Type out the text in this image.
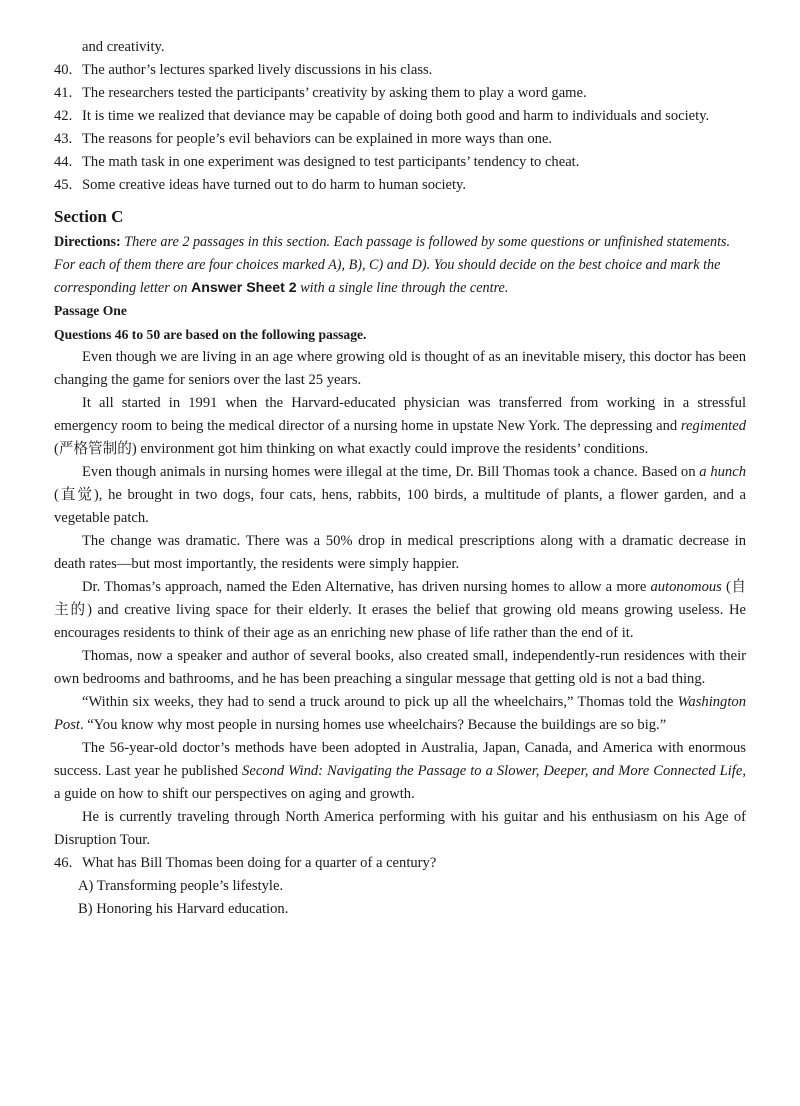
and creativity.
40. The author’s lectures sparked lively discussions in his class.
41. The researchers tested the participants’ creativity by asking them to play a word game.
42. It is time we realized that deviance may be capable of doing both good and harm to individuals and society.
43. The reasons for people’s evil behaviors can be explained in more ways than one.
44. The math task in one experiment was designed to test participants’ tendency to cheat.
45. Some creative ideas have turned out to do harm to human society.
Section C
Directions: There are 2 passages in this section. Each passage is followed by some questions or unfinished statements. For each of them there are four choices marked A), B), C) and D). You should decide on the best choice and mark the corresponding letter on Answer Sheet 2 with a single line through the centre.
Passage One
Questions 46 to 50 are based on the following passage.

Even though we are living in an age where growing old is thought of as an inevitable misery, this doctor has been changing the game for seniors over the last 25 years.

It all started in 1991 when the Harvard-educated physician was transferred from working in a stressful emergency room to being the medical director of a nursing home in upstate New York. The depressing and regimented (严格管制的) environment got him thinking on what exactly could improve the residents’ conditions.

Even though animals in nursing homes were illegal at the time, Dr. Bill Thomas took a chance. Based on a hunch (直觉), he brought in two dogs, four cats, hens, rabbits, 100 birds, a multitude of plants, a flower garden, and a vegetable patch.

The change was dramatic. There was a 50% drop in medical prescriptions along with a dramatic decrease in death rates—but most importantly, the residents were simply happier.

Dr. Thomas’s approach, named the Eden Alternative, has driven nursing homes to allow a more autonomous (自主的) and creative living space for their elderly. It erases the belief that growing old means growing useless. He encourages residents to think of their age as an enriching new phase of life rather than the end of it.

Thomas, now a speaker and author of several books, also created small, independently-run residences with their own bedrooms and bathrooms, and he has been preaching a singular message that getting old is not a bad thing.

“Within six weeks, they had to send a truck around to pick up all the wheelchairs,” Thomas told the Washington Post. “You know why most people in nursing homes use wheelchairs? Because the buildings are so big.”

The 56-year-old doctor’s methods have been adopted in Australia, Japan, Canada, and America with enormous success. Last year he published Second Wind: Navigating the Passage to a Slower, Deeper, and More Connected Life, a guide on how to shift our perspectives on aging and growth.

He is currently traveling through North America performing with his guitar and his enthusiasm on his Age of Disruption Tour.

46. What has Bill Thomas been doing for a quarter of a century?
A) Transforming people’s lifestyle.
B) Honoring his Harvard education.
